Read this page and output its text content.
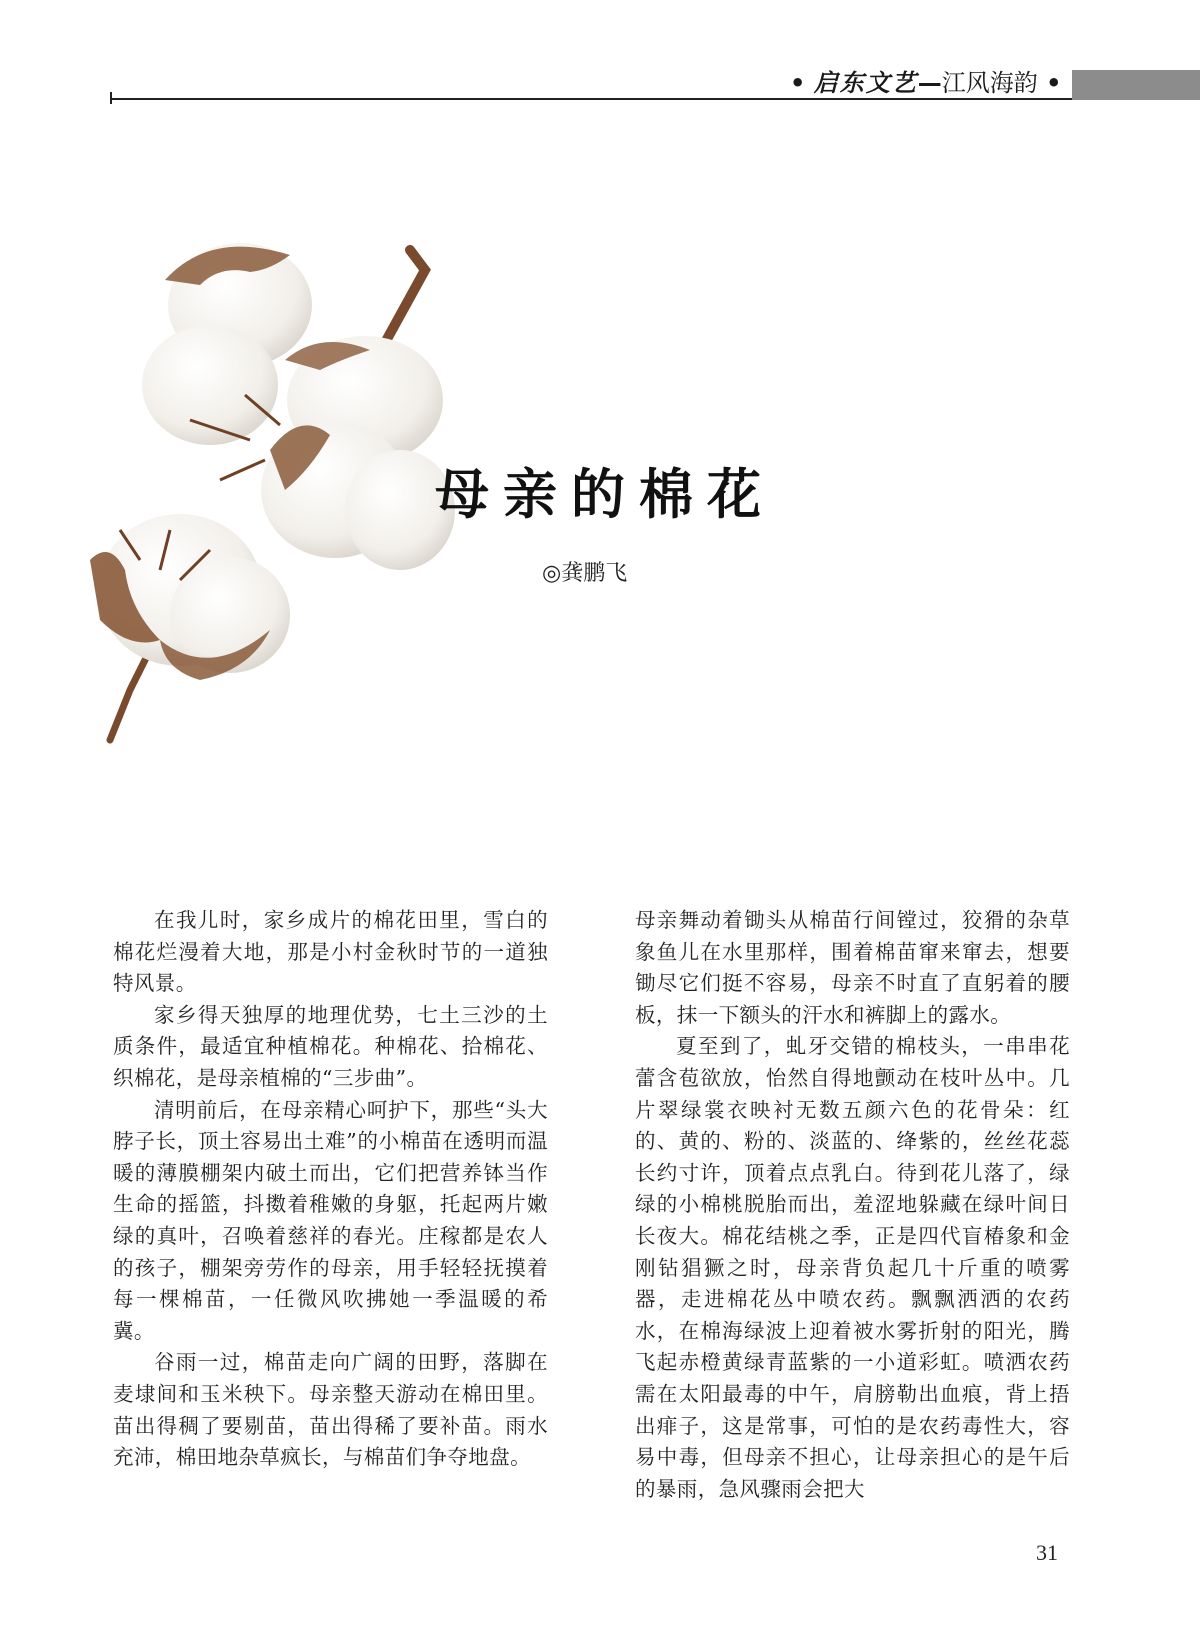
• 启东文艺—江风海韵 •
母亲的棉花
◎龚鹏飞

在我儿时，家乡成片的棉花田里，雪白的棉花烂漫着大地，那是小村金秋时节的一道独特风景。

家乡得天独厚的地理优势，七土三沙的土质条件，最适宜种植棉花。种棉花、拾棉花、织棉花，是母亲植棉的“三步曲”。

清明前后，在母亲精心呵护下，那些“头大脖子长，顶土容易出土难”的小棉苗在透明而温暖的薄膜棚架内破土而出，它们把营养钵当作生命的摇篮，抖擞着稚嫩的身躯，托起两片嫩绿的真叶，召唤着慈祥的春光。庄稼都是农人的孩子，棚架旁劳作的母亲，用手轻轻抚摸着每一棵棉苗，一任微风吹拂她一季温暖的希冀。

谷雨一过，棉苗走向广阔的田野，落脚在麦埭间和玉米秧下。母亲整天游动在棉田里。苗出得稠了要剔苗，苗出得稀了要补苗。雨水充沛，棉田地杂草疯长，与棉苗们争夺地盘。

母亲舞动着锄头从棉苗行间镗过，狡猾的杂草象鱼儿在水里那样，围着棉苗窜来窜去，想要锄尽它们挺不容易，母亲不时直了直躬着的腰板，抹一下额头的汗水和裤脚上的露水。

夏至到了，虬牙交错的棉枝头，一串串花蕾含苞欲放，怡然自得地颤动在枝叶丛中。几片翠绿裳衣映衬无数五颜六色的花骨朵：红的、黄的、粉的、淡蓝的、绛紫的，丝丝花蕊长约寸许，顶着点点乳白。待到花儿落了，绿绿的小棉桃脱胎而出，羞涩地躲藏在绿叶间日长夜大。棉花结桃之季，正是四代盲椿象和金刚钻猖獗之时，母亲背负起几十斤重的喷雾器，走进棉花丛中喷农药。飘飘洒洒的农药水，在棉海绿波上迎着被水雾折射的阳光，腾飞起赤橙黄绿青蓝紫的一小道彩虹。喷洒农药需在太阳最毒的中午，肩膀勒出血痕，背上捂出痱子，这是常事，可怕的是农药毒性大，容易中毒，但母亲不担心，让母亲担心的是午后的暴雨，急风骤雨会把大

31
